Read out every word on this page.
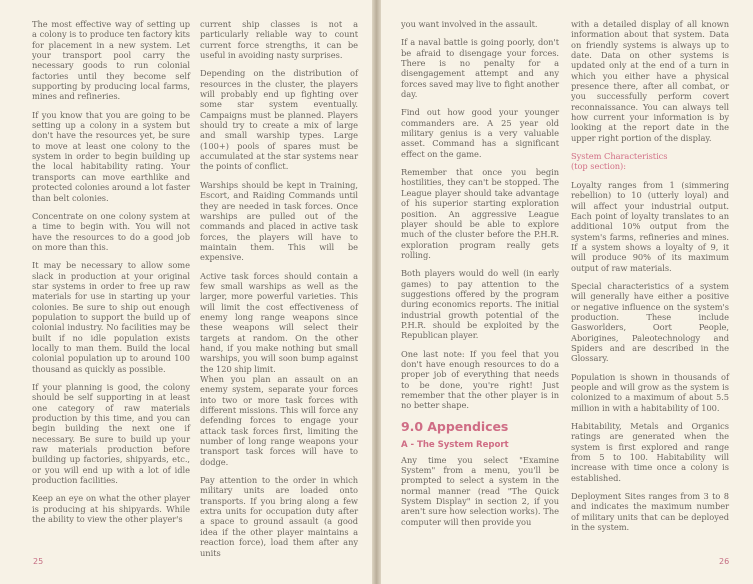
The most effective way of setting up a colony is to produce ten factory kits for placement in a new system. Let your transport pool carry the necessary goods to run colonial factories until they become self supporting by producing local farms, mines and refineries.

If you know that you are going to be setting up a colony in a system but don't have the resources yet, be sure to move at least one colony to the system in order to begin building up the local habitability rating. Your transports can move earthlike and protected colonies around a lot faster than belt colonies.

Concentrate on one colony system at a time to begin with. You will not have the resources to do a good job on more than this.

It may be necessary to allow some slack in production at your original star systems in order to free up raw materials for use in starting up your colonies. Be sure to ship out enough population to support the build up of colonial industry. No facilities may be built if no idle population exists locally to man them. Build the local colonial population up to around 100 thousand as quickly as possible.

If your planning is good, the colony should be self supporting in at least one category of raw materials production by this time, and you can begin building the next one if necessary. Be sure to build up your raw materials production before building up factories, shipyards, etc., or you will end up with a lot of idle production facilities.

Keep an eye on what the other player is producing at his shipyards. While the ability to view the other player's

current ship classes is not a particularly reliable way to count current force strengths, it can be useful in avoiding nasty surprises.

Depending on the distribution of resources in the cluster, the players will probably end up fighting over some star system eventually. Campaigns must be planned. Players should try to create a mix of large and small warship types. Large (100+) pools of spares must be accumulated at the star systems near the points of conflict.

Warships should be kept in Training, Escort, and Raiding Commands until they are needed in task forces. Once warships are pulled out of the commands and placed in active task forces, the players will have to maintain them. This will be expensive.

Active task forces should contain a few small warships as well as the larger, more powerful varieties. This will limit the cost effectiveness of enemy long range weapons since these weapons will select their targets at random. On the other hand, if you make nothing but small warships, you will soon bump against the 120 ship limit.

When you plan an assault on an enemy system, separate your forces into two or more task forces with different missions. This will force any defending forces to engage your attack task forces first, limiting the number of long range weapons your transport task forces will have to dodge.

Pay attention to the order in which military units are loaded onto transports. If you bring along a few extra units for occupation duty after a space to ground assault (a good idea if the other player maintains a reaction force), load them after any units

you want involved in the assault.

If a naval battle is going poorly, don't be afraid to disengage your forces. There is no penalty for a disengagement attempt and any forces saved may live to fight another day.

Find out how good your younger commanders are. A 25 year old military genius is a very valuable asset. Command has a significant effect on the game.

Remember that once you begin hostilities, they can't be stopped. The League player should take advantage of his superior starting exploration position. An aggressive League player should be able to explore much of the cluster before the P.H.R. exploration program really gets rolling.

Both players would do well (in early games) to pay attention to the suggestions offered by the program during economics reports. The initial industrial growth potential of the P.H.R. should be exploited by the Republican player.

One last note: If you feel that you don't have enough resources to do a proper job of everything that needs to be done, you're right! Just remember that the other player is in no better shape.

9.0 Appendices
A - The System Report

Any time you select "Examine System" from a menu, you'll be prompted to select a system in the normal manner (read "The Quick System Display" in section 2, if you aren't sure how selection works). The computer will then provide you

with a detailed display of all known information about that system. Data on friendly systems is always up to date. Data on other systems is updated only at the end of a turn in which you either have a physical presence there, after all combat, or you successfully perform covert reconnaissance. You can always tell how current your information is by looking at the report date in the upper right portion of the display.

System Characteristics

(top section):

Loyalty ranges from 1 (simmering rebellion) to 10 (utterly loyal) and will affect your industrial output. Each point of loyalty translates to an additional 10% output from the system's farms, refineries and mines. If a system shows a loyalty of 9, it will produce 90% of its maximum output of raw materials.

Special characteristics of a system will generally have either a positive or negative influence on the system's production. These include Gasworlders, Oort People, Aborigines, Paleotechnology and Spiders and are described in the Glossary.

Population is shown in thousands of people and will grow as the system is colonized to a maximum of about 5.5 million in with a habitability of 100.

Habitability, Metals and Organics ratings are generated when the system is first explored and range from 5 to 100. Habitability will increase with time once a colony is established.

Deployment Sites ranges from 3 to 8 and indicates the maximum number of military units that can be deployed in the system.

25	26
